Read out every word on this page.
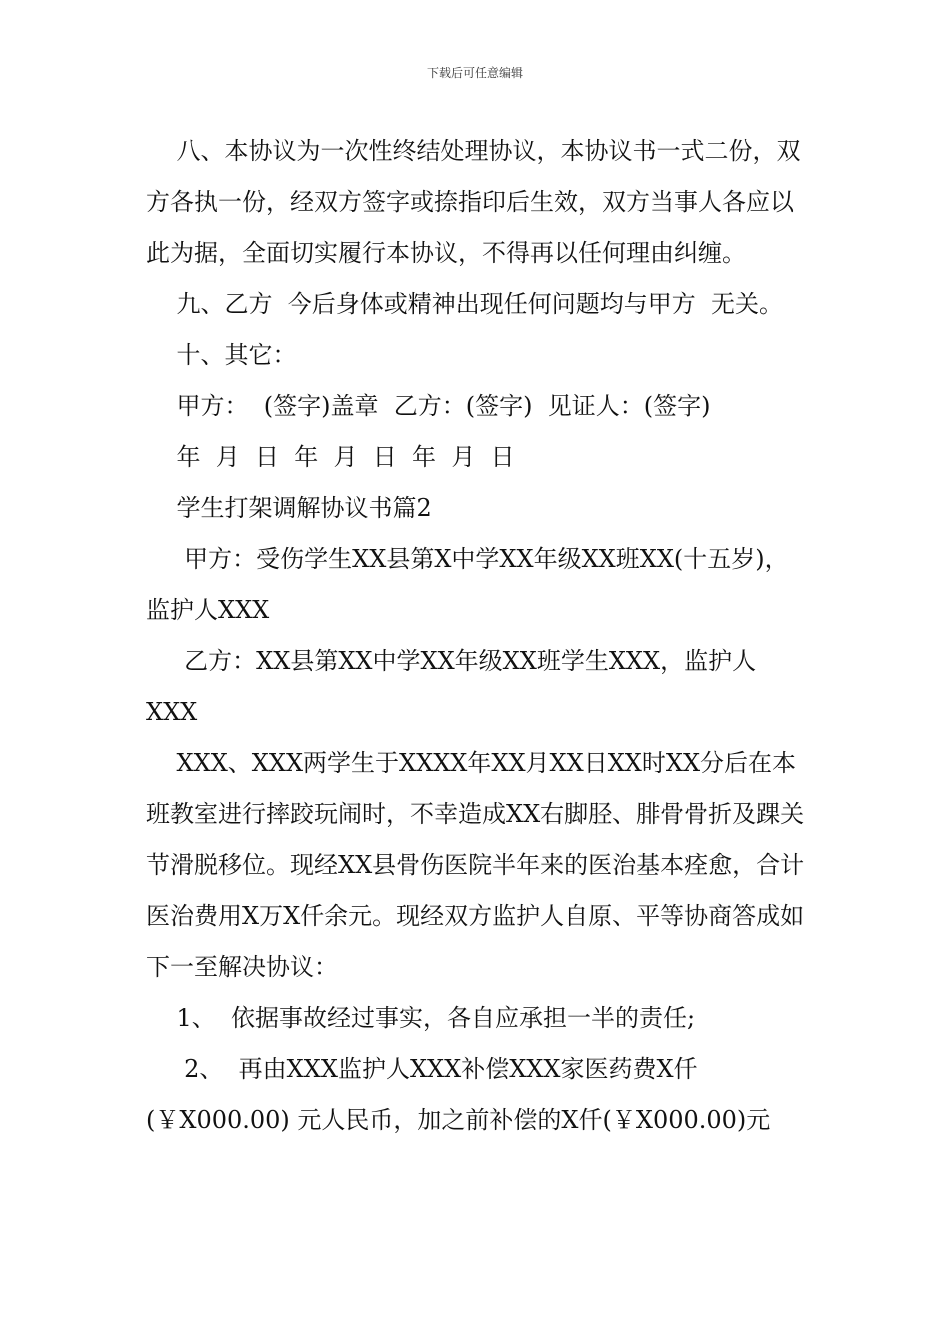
下载后可任意编辑

八、本协议为一次性终结处理协议，本协议书一式二份，双方各执一份，经双方签字或捺指印后生效，双方当事人各应以此为据，全面切实履行本协议，不得再以任何理由纠缠。

九、乙方  今后身体或精神出现任何问题均与甲方  无关。

十、其它：

甲方：  (签字)盖章  乙方：(签字)  见证人：(签字)

年  月  日  年  月  日  年  月  日

学生打架调解协议书篇2

甲方：受伤学生XX县第X中学XX年级XX班XX(十五岁)，监护人XXX

乙方：XX县第XX中学XX年级XX班学生XXX，监护人XXX

XXX、XXX两学生于XXXX年XX月XX日XX时XX分后在本班教室进行摔跤玩闹时，不幸造成XX右脚胫、腓骨骨折及踝关节滑脱移位。现经XX县骨伤医院半年来的医治基本痊愈，合计医治费用X万X仟余元。现经双方监护人自原、平等协商答成如下一至解决协议：

1、  依据事故经过事实，各自应承担一半的责任;

2、  再由XXX监护人XXX补偿XXX家医药费X仟(￥X000.00) 元人民币，加之前补偿的X仟(￥X000.00)元
